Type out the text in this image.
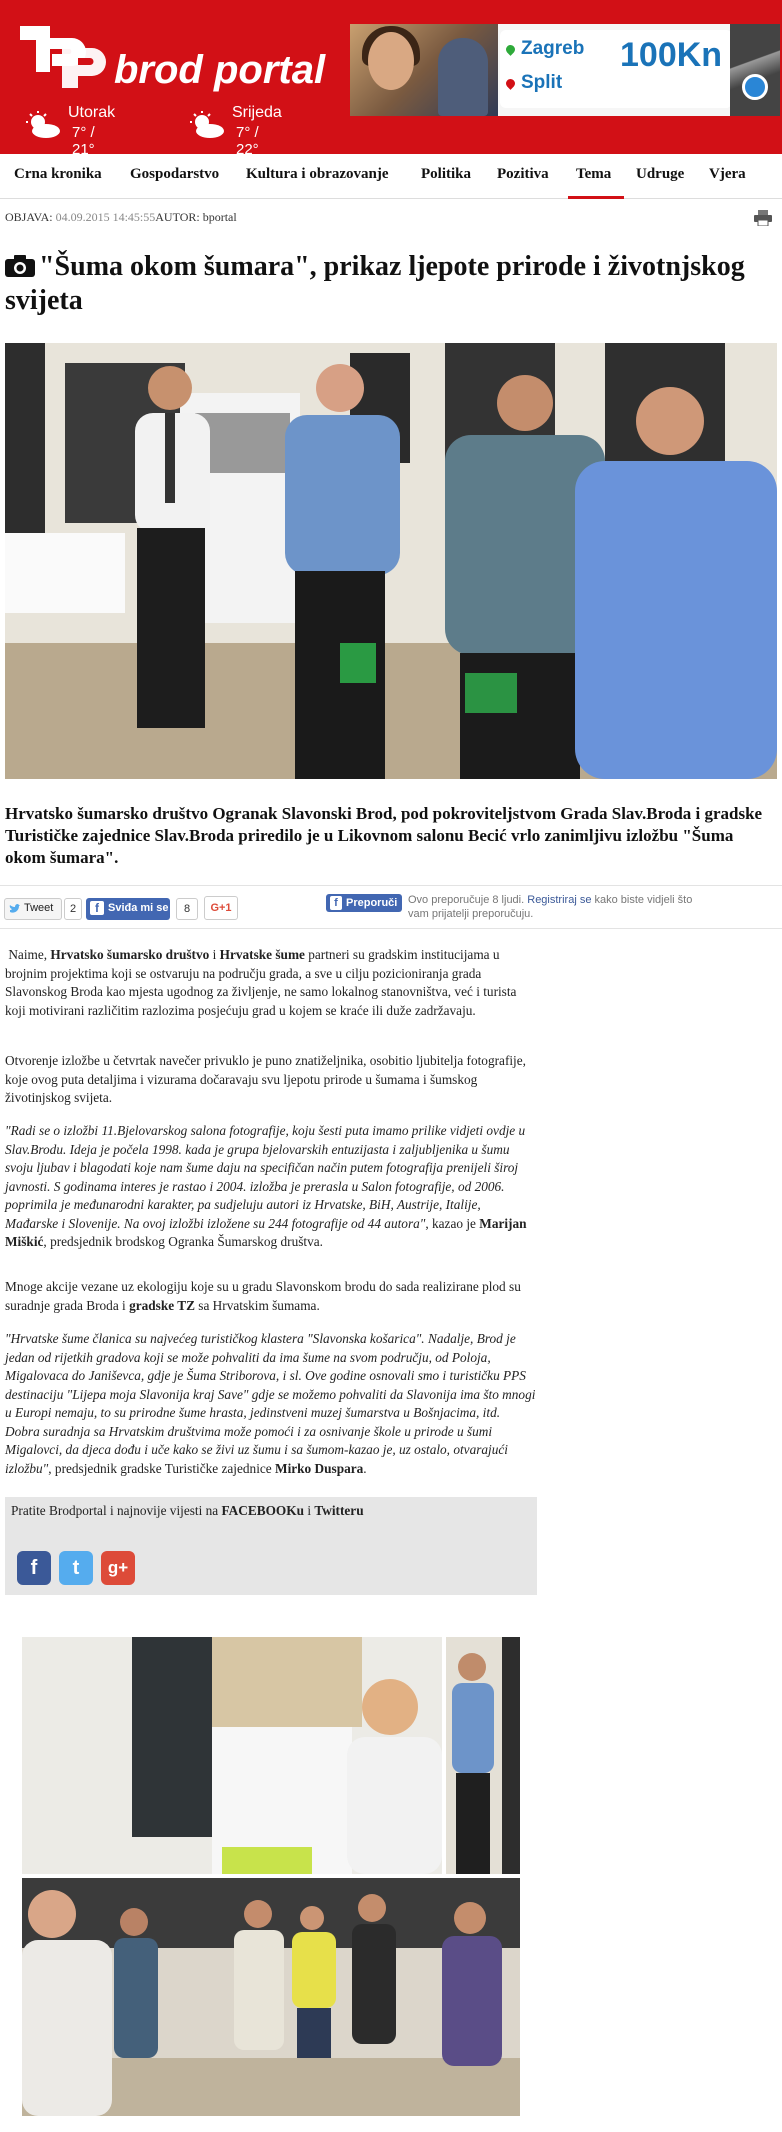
brod portal
Utorak
7° / 21°
Srijeda
7° / 22°
Zagreb
Split
100Kn
Crna kronika Gospodarstvo Kultura i obrazovanje Politika Pozitiva Tema Udruge Vjera
OBJAVA: 04.09.2015 14:45:55AUTOR: bportal
"Šuma okom šumara", prikaz ljepote prirode i životnjskog svijeta
Hrvatsko šumarsko društvo Ogranak Slavonski Brod, pod pokroviteljstvom Grada Slav.Broda i gradske Turističke zajednice Slav.Broda priredilo je u Likovnom salonu Becić vrlo zanimljivu izložbu "Šuma okom šumara".
Tweet	2	f Sviđa mi se	8	G+1	f Preporuči Ovo preporučuje 8 ljudi. Registriraj se kako biste vidjeli što vam prijatelji preporučuju.

Naime, Hrvatsko šumarsko društvo i Hrvatske šume partneri su gradskim institucijama u brojnim projektima koji se ostvaruju na području grada, a sve u cilju pozicioniranja grada Slavonskog Broda kao mjesta ugodnog za življenje, ne samo lokalnog stanovništva, već i turista koji motivirani različitim razlozima posjećuju grad u kojem se kraće ili duže zadržavaju.

Otvorenje izložbe u četvrtak navečer privuklo je puno znatiželjnika, osobitio ljubitelja fotografije, koje ovog puta detaljima i vizurama dočaravaju svu ljepotu prirode u šumama i šumskog životinjskog svijeta.

"Radi se o izložbi 11.Bjelovarskog salona fotografije, koju šesti puta imamo prilike vidjeti ovdje u Slav.Brodu. Ideja je počela 1998. kada je grupa bjelovarskih entuzijasta i zaljubljenika u šumu svoju ljubav i blagodati koje nam šume daju na specifičan način putem fotografija prenijeli široj javnosti. S godinama interes je rastao i 2004. izložba je prerasla u Salon fotografije, od 2006. poprimila je međunarodni karakter, pa sudjeluju autori iz Hrvatske, BiH, Austrije, Italije, Mađarske i Slovenije. Na ovoj izložbi izložene su 244 fotografije od 44 autora", kazao je Marijan Miškić, predsjednik brodskog Ogranka Šumarskog društva.

Mnoge akcije vezane uz ekologiju koje su u gradu Slavonskom brodu do sada realizirane plod su suradnje grada Broda i gradske TZ sa Hrvatskim šumama.

"Hrvatske šume članica su najvećeg turističkog klastera "Slavonska košarica". Nadalje, Brod je jedan od rijetkih gradova koji se može pohvaliti da ima šume na svom području, od Poloja, Migalovaca do Janiševca, gdje je Šuma Striborova, i sl. Ove godine osnovali smo i turističku PPS destinaciju "Lijepa moja Slavonija kraj Save" gdje se možemo pohvaliti da Slavonija ima što mnogi u Europi nemaju, to su prirodne šume hrasta, jedinstveni muzej šumarstva u Bošnjacima, itd. Dobra suradnja sa Hrvatskim društvima može pomoći i za osnivanje škole u prirode u šumi Migalovci, da djeca dođu i uče kako se živi uz šumu i sa šumom-kazao je, uz ostalo, otvarajući izložbu", predsjednik gradske Turističke zajednice Mirko Duspara.

Pratite Brodportal i najnovije vijesti na FACEBOOKu i Twitteru
f	t	g+
